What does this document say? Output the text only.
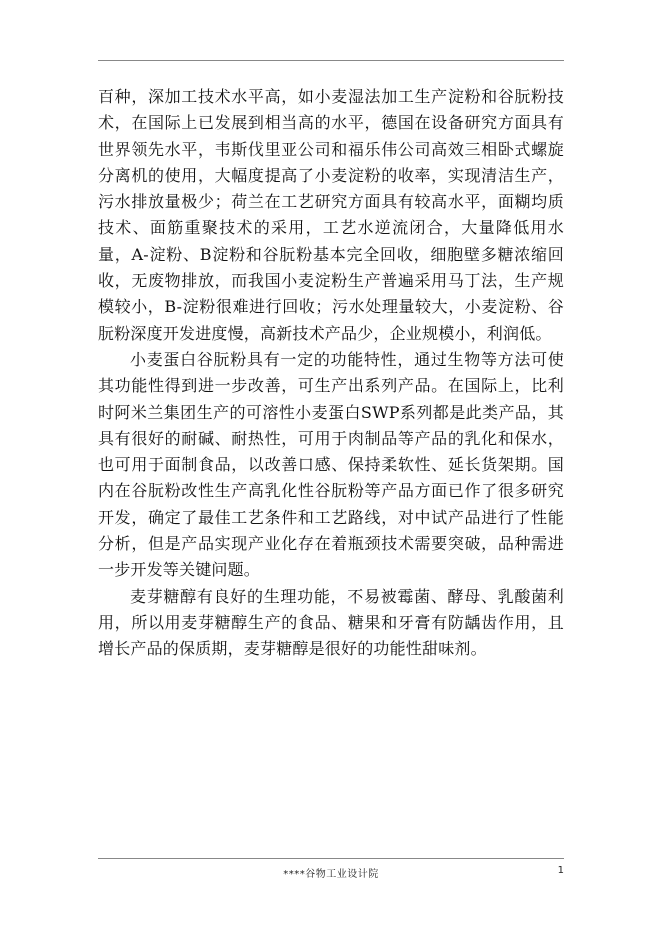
百种，深加工技术水平高，如小麦湿法加工生产淀粉和谷朊粉技术，在国际上已发展到相当高的水平，德国在设备研究方面具有世界领先水平，韦斯伐里亚公司和福乐伟公司高效三相卧式螺旋分离机的使用，大幅度提高了小麦淀粉的收率，实现清洁生产，污水排放量极少；荷兰在工艺研究方面具有较高水平，面糊均质技术、面筋重聚技术的采用，工艺水逆流闭合，大量降低用水量，A-淀粉、B淀粉和谷朊粉基本完全回收，细胞壁多糖浓缩回收，无废物排放，而我国小麦淀粉生产普遍采用马丁法，生产规模较小，B-淀粉很难进行回收；污水处理量较大，小麦淀粉、谷朊粉深度开发进度慢，高新技术产品少，企业规模小，利润低。

小麦蛋白谷朊粉具有一定的功能特性，通过生物等方法可使其功能性得到进一步改善，可生产出系列产品。在国际上，比利时阿米兰集团生产的可溶性小麦蛋白SWP系列都是此类产品，其具有很好的耐碱、耐热性，可用于肉制品等产品的乳化和保水，也可用于面制食品，以改善口感、保持柔软性、延长货架期。国内在谷朊粉改性生产高乳化性谷朊粉等产品方面已作了很多研究开发，确定了最佳工艺条件和工艺路线，对中试产品进行了性能分析，但是产品实现产业化存在着瓶颈技术需要突破，品种需进一步开发等关键问题。

麦芽糖醇有良好的生理功能，不易被霉菌、酵母、乳酸菌利用，所以用麦芽糖醇生产的食品、糖果和牙膏有防龋齿作用，且增长产品的保质期，麦芽糖醇是很好的功能性甜味剂。

****谷物工业设计院	1
